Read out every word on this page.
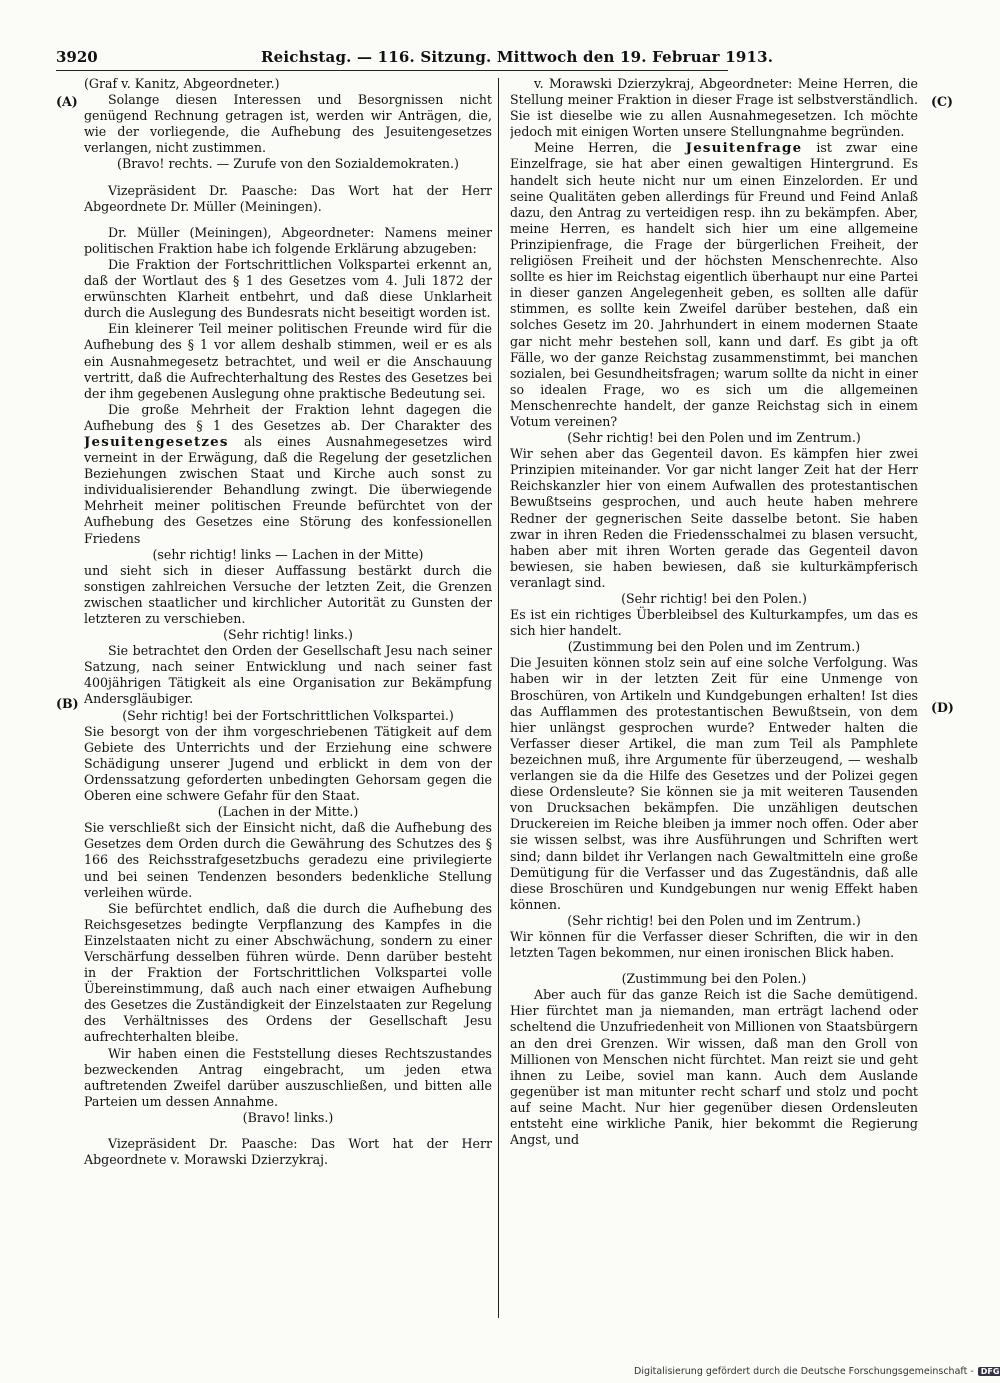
3920	Reichstag. — 116. Sitzung. Mittwoch den 19. Februar 1913.
(A)
(B)
(C)
(D)

(Graf v. Kanitz, Abgeordneter.)

Solange diesen Interessen und Besorgnissen nicht genügend Rechnung getragen ist, werden wir Anträgen, die, wie der vorliegende, die Aufhebung des Jesuitengesetzes verlangen, nicht zustimmen.

(Bravo! rechts. — Zurufe von den Sozialdemokraten.)

Vizepräsident Dr. Paasche: Das Wort hat der Herr Abgeordnete Dr. Müller (Meiningen).

Dr. Müller (Meiningen), Abgeordneter: Namens meiner politischen Fraktion habe ich folgende Erklärung abzugeben:

Die Fraktion der Fortschrittlichen Volkspartei erkennt an, daß der Wortlaut des § 1 des Gesetzes vom 4. Juli 1872 der erwünschten Klarheit entbehrt, und daß diese Unklarheit durch die Auslegung des Bundesrats nicht beseitigt worden ist.

Ein kleinerer Teil meiner politischen Freunde wird für die Aufhebung des § 1 vor allem deshalb stimmen, weil er es als ein Ausnahmegesetz betrachtet, und weil er die Anschauung vertritt, daß die Aufrechterhaltung des Restes des Gesetzes bei der ihm gegebenen Auslegung ohne praktische Bedeutung sei.

Die große Mehrheit der Fraktion lehnt dagegen die Aufhebung des § 1 des Gesetzes ab. Der Charakter des Jesuitengesetzes als eines Ausnahmegesetzes wird verneint in der Erwägung, daß die Regelung der gesetzlichen Beziehungen zwischen Staat und Kirche auch sonst zu individualisierender Behandlung zwingt. Die überwiegende Mehrheit meiner politischen Freunde befürchtet von der Aufhebung des Gesetzes eine Störung des konfessionellen Friedens

(sehr richtig! links — Lachen in der Mitte)

und sieht sich in dieser Auffassung bestärkt durch die sonstigen zahlreichen Versuche der letzten Zeit, die Grenzen zwischen staatlicher und kirchlicher Autorität zu Gunsten der letzteren zu verschieben.

(Sehr richtig! links.)

Sie betrachtet den Orden der Gesellschaft Jesu nach seiner Satzung, nach seiner Entwicklung und nach seiner fast 400jährigen Tätigkeit als eine Organisation zur Bekämpfung Andersgläubiger.

(Sehr richtig! bei der Fortschrittlichen Volkspartei.)

Sie besorgt von der ihm vorgeschriebenen Tätigkeit auf dem Gebiete des Unterrichts und der Erziehung eine schwere Schädigung unserer Jugend und erblickt in dem von der Ordenssatzung geforderten unbedingten Gehorsam gegen die Oberen eine schwere Gefahr für den Staat.

(Lachen in der Mitte.)

Sie verschließt sich der Einsicht nicht, daß die Aufhebung des Gesetzes dem Orden durch die Gewährung des Schutzes des § 166 des Reichsstrafgesetzbuchs geradezu eine privilegierte und bei seinen Tendenzen besonders bedenkliche Stellung verleihen würde.

Sie befürchtet endlich, daß die durch die Aufhebung des Reichsgesetzes bedingte Verpflanzung des Kampfes in die Einzelstaaten nicht zu einer Abschwächung, sondern zu einer Verschärfung desselben führen würde. Denn darüber besteht in der Fraktion der Fortschrittlichen Volkspartei volle Übereinstimmung, daß auch nach einer etwaigen Aufhebung des Gesetzes die Zuständigkeit der Einzelstaaten zur Regelung des Verhältnisses des Ordens der Gesellschaft Jesu aufrechterhalten bleibe.

Wir haben einen die Feststellung dieses Rechtszustandes bezweckenden Antrag eingebracht, um jeden etwa auftretenden Zweifel darüber auszuschließen, und bitten alle Parteien um dessen Annahme.

(Bravo! links.)

Vizepräsident Dr. Paasche: Das Wort hat der Herr Abgeordnete v. Morawski Dzierzykraj.

v. Morawski Dzierzykraj, Abgeordneter: Meine Herren, die Stellung meiner Fraktion in dieser Frage ist selbstverständlich. Sie ist dieselbe wie zu allen Ausnahmegesetzen. Ich möchte jedoch mit einigen Worten unsere Stellungnahme begründen.

Meine Herren, die Jesuitenfrage ist zwar eine Einzelfrage, sie hat aber einen gewaltigen Hintergrund. Es handelt sich heute nicht nur um einen Einzelorden. Er und seine Qualitäten geben allerdings für Freund und Feind Anlaß dazu, den Antrag zu verteidigen resp. ihn zu bekämpfen. Aber, meine Herren, es handelt sich hier um eine allgemeine Prinzipienfrage, die Frage der bürgerlichen Freiheit, der religiösen Freiheit und der höchsten Menschenrechte. Also sollte es hier im Reichstag eigentlich überhaupt nur eine Partei in dieser ganzen Angelegenheit geben, es sollten alle dafür stimmen, es sollte kein Zweifel darüber bestehen, daß ein solches Gesetz im 20. Jahrhundert in einem modernen Staate gar nicht mehr bestehen soll, kann und darf. Es gibt ja oft Fälle, wo der ganze Reichstag zusammenstimmt, bei manchen sozialen, bei Gesundheitsfragen; warum sollte da nicht in einer so idealen Frage, wo es sich um die allgemeinen Menschenrechte handelt, der ganze Reichstag sich in einem Votum vereinen?

(Sehr richtig! bei den Polen und im Zentrum.)

Wir sehen aber das Gegenteil davon. Es kämpfen hier zwei Prinzipien miteinander. Vor gar nicht langer Zeit hat der Herr Reichskanzler hier von einem Aufwallen des protestantischen Bewußtseins gesprochen, und auch heute haben mehrere Redner der gegnerischen Seite dasselbe betont. Sie haben zwar in ihren Reden die Friedensschalmei zu blasen versucht, haben aber mit ihren Worten gerade das Gegenteil davon bewiesen, sie haben bewiesen, daß sie kulturkämpferisch veranlagt sind.

(Sehr richtig! bei den Polen.)

Es ist ein richtiges Überbleibsel des Kulturkampfes, um das es sich hier handelt.

(Zustimmung bei den Polen und im Zentrum.)

Die Jesuiten können stolz sein auf eine solche Verfolgung. Was haben wir in der letzten Zeit für eine Unmenge von Broschüren, von Artikeln und Kundgebungen erhalten! Ist dies das Aufflammen des protestantischen Bewußtsein, von dem hier unlängst gesprochen wurde? Entweder halten die Verfasser dieser Artikel, die man zum Teil als Pamphlete bezeichnen muß, ihre Argumente für überzeugend, — weshalb verlangen sie da die Hilfe des Gesetzes und der Polizei gegen diese Ordensleute? Sie können sie ja mit weiteren Tausenden von Drucksachen bekämpfen. Die unzähligen deutschen Druckereien im Reiche bleiben ja immer noch offen. Oder aber sie wissen selbst, was ihre Ausführungen und Schriften wert sind; dann bildet ihr Verlangen nach Gewaltmitteln eine große Demütigung für die Verfasser und das Zugeständnis, daß alle diese Broschüren und Kundgebungen nur wenig Effekt haben können.

(Sehr richtig! bei den Polen und im Zentrum.)

Wir können für die Verfasser dieser Schriften, die wir in den letzten Tagen bekommen, nur einen ironischen Blick haben.

(Zustimmung bei den Polen.)

Aber auch für das ganze Reich ist die Sache demütigend. Hier fürchtet man ja niemanden, man erträgt lachend oder scheltend die Unzufriedenheit von Millionen von Staatsbürgern an den drei Grenzen. Wir wissen, daß man den Groll von Millionen von Menschen nicht fürchtet. Man reizt sie und geht ihnen zu Leibe, soviel man kann. Auch dem Auslande gegenüber ist man mitunter recht scharf und stolz und pocht auf seine Macht. Nur hier gegenüber diesen Ordensleuten entsteht eine wirkliche Panik, hier bekommt die Regierung Angst, und

Digitalisierung gefördert durch die Deutsche Forschungsgemeinschaft - DFG
